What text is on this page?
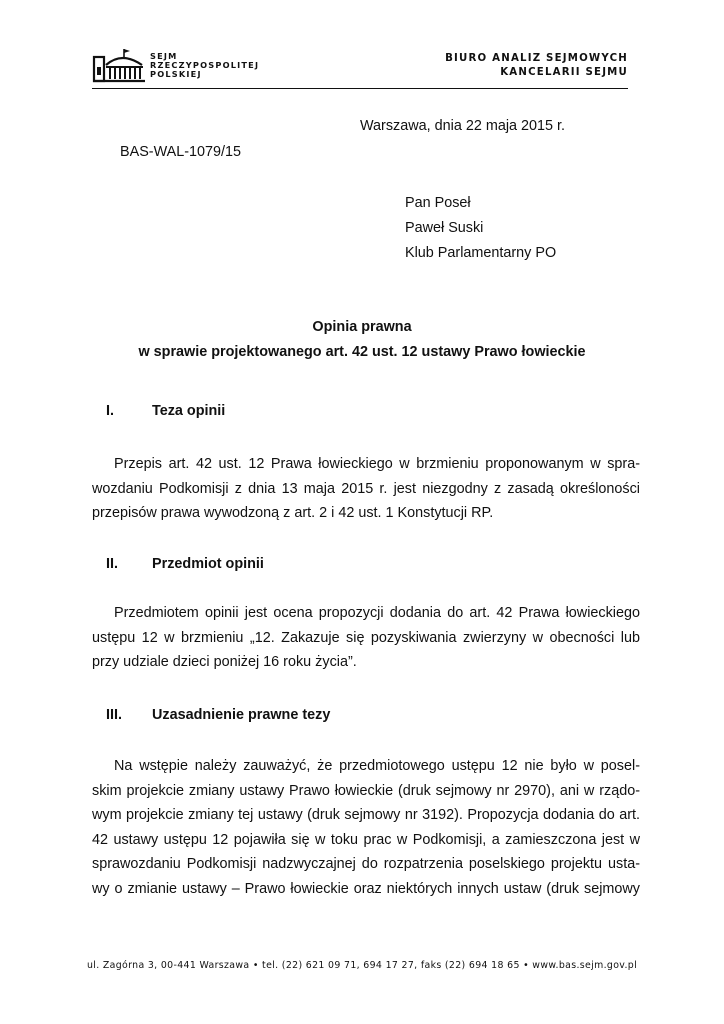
SEJM
RZECZYPOSPOLITEJ
POLSKIEJ
BIURO ANALIZ SEJMOWYCH
KANCELARII SEJMU
Warszawa, dnia 22 maja 2015 r.
BAS-WAL-1079/15
Pan Poseł
Paweł Suski
Klub Parlamentarny PO
Opinia prawna
w sprawie projektowanego art. 42 ust. 12 ustawy Prawo łowieckie
I.	Teza opinii
Przepis art. 42 ust. 12 Prawa łowieckiego w brzmieniu proponowanym w spra-
wozdaniu Podkomisji z dnia 13 maja 2015 r. jest niezgodny z zasadą określoności
przepisów prawa wywodzoną z art. 2 i 42 ust. 1 Konstytucji RP.
II. Przedmiot opinii
Przedmiotem opinii jest ocena propozycji dodania do art. 42 Prawa łowieckiego
ustępu 12 w brzmieniu „12. Zakazuje się pozyskiwania zwierzyny w obecności lub
przy udziale dzieci poniżej 16 roku życia”.
III. Uzasadnienie prawne tezy
Na wstępie należy zauważyć, że przedmiotowego ustępu 12 nie było w posel-
skim projekcie zmiany ustawy Prawo łowieckie (druk sejmowy nr 2970), ani w rządo-
wym projekcie zmiany tej ustawy (druk sejmowy nr 3192). Propozycja dodania do art.
42 ustawy ustępu 12 pojawiła się w toku prac w Podkomisji, a zamieszczona jest w
sprawozdaniu Podkomisji nadzwyczajnej do rozpatrzenia poselskiego projektu usta-
wy o zmianie ustawy – Prawo łowieckie oraz niektórych innych ustaw (druk sejmowy
ul. Zagórna 3, 00-441 Warszawa • tel. (22) 621 09 71, 694 17 27, faks (22) 694 18 65 • www.bas.sejm.gov.pl
